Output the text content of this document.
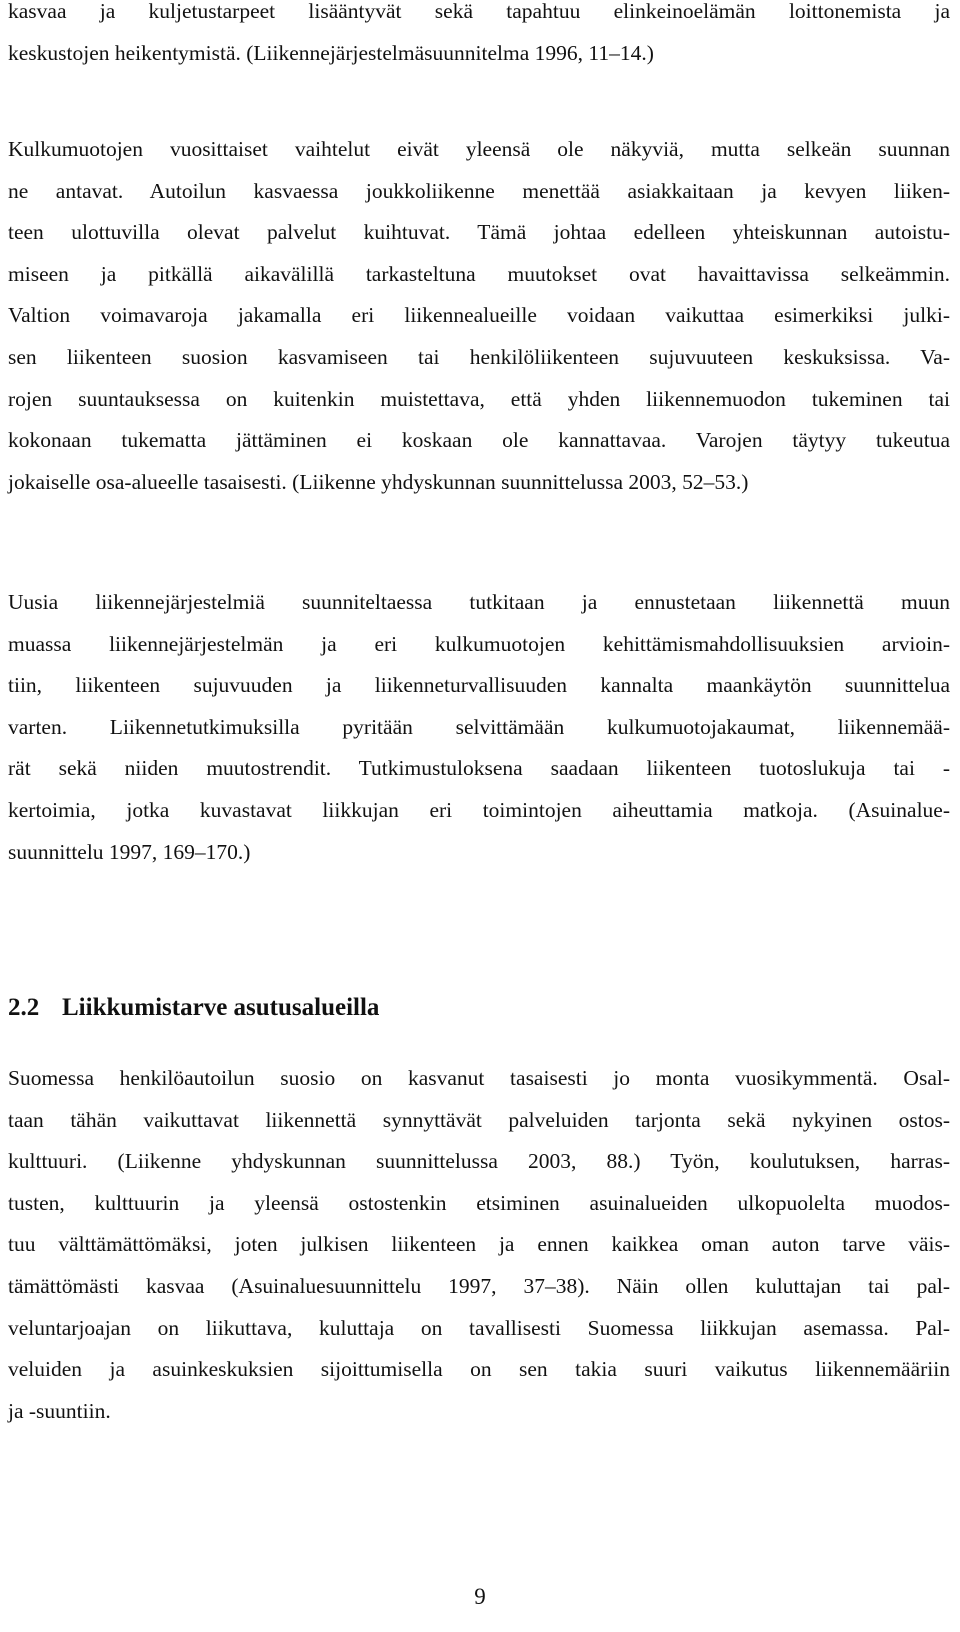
kasvaa ja kuljetustarpeet lisääntyvät sekä tapahtuu elinkeinoelämän loittonemista ja
keskustojen heikentymistä. (Liikennejärjestelmäsuunnitelma 1996, 11–14.)

Kulkumuotojen vuosittaiset vaihtelut eivät yleensä ole näkyviä, mutta selkeän suunnan
ne antavat. Autoilun kasvaessa joukkoliikenne menettää asiakkaitaan ja kevyen liiken-
teen ulottuvilla olevat palvelut kuihtuvat. Tämä johtaa edelleen yhteiskunnan autoistu-
miseen ja pitkällä aikavälillä tarkasteltuna muutokset ovat havaittavissa selkeämmin.
Valtion voimavaroja jakamalla eri liikennealueille voidaan vaikuttaa esimerkiksi julki-
sen liikenteen suosion kasvamiseen tai henkilöliikenteen sujuvuuteen keskuksissa. Va-
rojen suuntauksessa on kuitenkin muistettava, että yhden liikennemuodon tukeminen tai
kokonaan tukematta jättäminen ei koskaan ole kannattavaa. Varojen täytyy tukeutua
jokaiselle osa-alueelle tasaisesti. (Liikenne yhdyskunnan suunnittelussa 2003, 52–53.)

Uusia liikennejärjestelmiä suunniteltaessa tutkitaan ja ennustetaan liikennettä muun
muassa liikennejärjestelmän ja eri kulkumuotojen kehittämismahdollisuuksien arvioin-
tiin, liikenteen sujuvuuden ja liikenneturvallisuuden kannalta maankäytön suunnittelua
varten. Liikennetutkimuksilla pyritään selvittämään kulkumuotojakaumat, liikennemää-
rät sekä niiden muutostrendit. Tutkimustuloksena saadaan liikenteen tuotoslukuja tai -
kertoimia, jotka kuvastavat liikkujan eri toimintojen aiheuttamia matkoja. (Asuinalue-
suunnittelu 1997, 169–170.)

2.2 Liikkumistarve asutusalueilla

Suomessa henkilöautoilun suosio on kasvanut tasaisesti jo monta vuosikymmentä. Osal-
taan tähän vaikuttavat liikennettä synnyttävät palveluiden tarjonta sekä nykyinen ostos-
kulttuuri. (Liikenne yhdyskunnan suunnittelussa 2003, 88.) Työn, koulutuksen, harras-
tusten, kulttuurin ja yleensä ostostenkin etsiminen asuinalueiden ulkopuolelta muodos-
tuu välttämättömäksi, joten julkisen liikenteen ja ennen kaikkea oman auton tarve väis-
tämättömästi kasvaa (Asuinaluesuunnittelu 1997, 37–38). Näin ollen kuluttajan tai pal-
veluntarjoajan on liikuttava, kuluttaja on tavallisesti Suomessa liikkujan asemassa. Pal-
veluiden ja asuinkeskuksien sijoittumisella on sen takia suuri vaikutus liikennemääriin
ja -suuntiin.

9
